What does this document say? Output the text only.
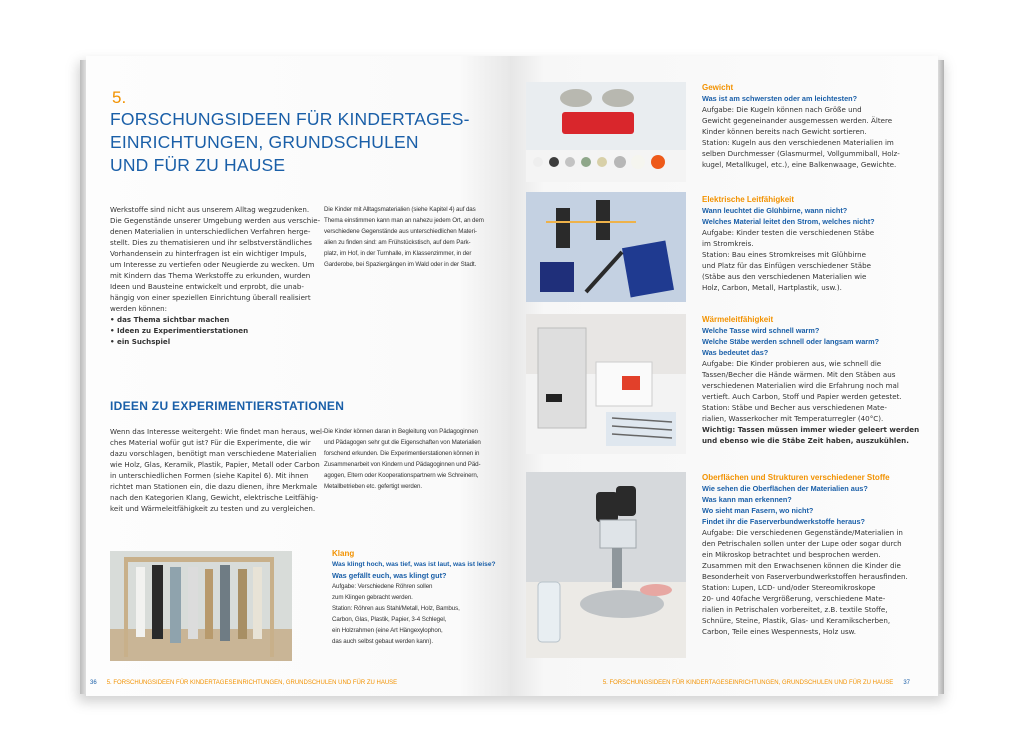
5.
FORSCHUNGSIDEEN FÜR KINDERTAGES-
EINRICHTUNGEN, GRUNDSCHULEN
UND FÜR ZU HAUSE
Werkstoffe sind nicht aus unserem Alltag wegzudenken.
Die Gegenstände unserer Umgebung werden aus verschie-
denen Materialien in unterschiedlichen Verfahren herge-
stellt. Dies zu thematisieren und ihr selbstverständliches
Vorhandensein zu hinterfragen ist ein wichtiger Impuls,
um Interesse zu vertiefen oder Neugierde zu wecken. Um
mit Kindern das Thema Werkstoffe zu erkunden, wurden
Ideen und Bausteine entwickelt und erprobt, die unab-
hängig von einer speziellen Einrichtung überall realisiert
werden können:
• das Thema sichtbar machen
• Ideen zu Experimentierstationen
• ein Suchspiel
Die Kinder mit Alltagsmaterialien (siehe Kapitel 4) auf das
Thema einstimmen kann man an nahezu jedem Ort, an dem
verschiedene Gegenstände aus unterschiedlichen Materi-
alien zu finden sind: am Frühstückstisch, auf dem Park-
platz, im Hof, in der Turnhalle, im Klassenzimmer, in der
Garderobe, bei Spaziergängen im Wald oder in der Stadt.
IDEEN ZU EXPERIMENTIERSTATIONEN
Wenn das Interesse weitergeht: Wie findet man heraus, wel-
ches Material wofür gut ist? Für die Experimente, die wir
dazu vorschlagen, benötigt man verschiedene Materialien
wie Holz, Glas, Keramik, Plastik, Papier, Metall oder Carbon
in unterschiedlichen Formen (siehe Kapitel 6). Mit ihnen
richtet man Stationen ein, die dazu dienen, ihre Merkmale
nach den Kategorien Klang, Gewicht, elektrische Leitfähig-
keit und Wärmeleitfähigkeit zu testen und zu vergleichen.
Die Kinder können daran in Begleitung von Pädagoginnen
und Pädagogen sehr gut die Eigenschaften von Materialien
forschend erkunden. Die Experimentierstationen können in
Zusammenarbeit von Kindern und Pädagoginnen und Päd-
agogen, Eltern oder Kooperationspartnern wie Schreinern,
Metallbetrieben etc. gefertigt werden.
Klang
Was klingt hoch, was tief, was ist laut, was ist leise?
Was gefällt euch, was klingt gut?
Aufgabe: Verschiedene Röhren sollen
zum Klingen gebracht werden.
Station: Röhren aus Stahl/Metall, Holz, Bambus,
Carbon, Glas, Plastik, Papier, 3-4 Schlegel,
ein Holzrahmen (eine Art Hängexylophon,
das auch selbst gebaut werden kann).
36 5. FORSCHUNGSIDEEN FÜR KINDERTAGESEINRICHTUNGEN, GRUNDSCHULEN UND FÜR ZU HAUSE
Gewicht
Was ist am schwersten oder am leichtesten?
Aufgabe: Die Kugeln können nach Größe und
Gewicht gegeneinander ausgemessen werden. Ältere
Kinder können bereits nach Gewicht sortieren.
Station: Kugeln aus den verschiedenen Materialien im
selben Durchmesser (Glasmurmel, Vollgummiball, Holz-
kugel, Metallkugel, etc.), eine Balkenwaage, Gewichte.
Elektrische Leitfähigkeit
Wann leuchtet die Glühbirne, wann nicht?
Welches Material leitet den Strom, welches nicht?
Aufgabe: Kinder testen die verschiedenen Stäbe
im Stromkreis.
Station: Bau eines Stromkreises mit Glühbirne
und Platz für das Einfügen verschiedener Stäbe
(Stäbe aus den verschiedenen Materialien wie
Holz, Carbon, Metall, Hartplastik, usw.).
Wärmeleitfähigkeit
Welche Tasse wird schnell warm?
Welche Stäbe werden schnell oder langsam warm?
Was bedeutet das?
Aufgabe: Die Kinder probieren aus, wie schnell die
Tassen/Becher die Hände wärmen. Mit den Stäben aus
verschiedenen Materialien wird die Erfahrung noch mal
vertieft. Auch Carbon, Stoff und Papier werden getestet.
Station: Stäbe und Becher aus verschiedenen Mate-
rialien, Wasserkocher mit Temperaturregler (40°C).
Wichtig: Tassen müssen immer wieder geleert werden
und ebenso wie die Stäbe Zeit haben, auszukühlen.
Oberflächen und Strukturen verschiedener Stoffe
Wie sehen die Oberflächen der Materialien aus?
Was kann man erkennen?
Wo sieht man Fasern, wo nicht?
Findet ihr die Faserverbundwerkstoffe heraus?
Aufgabe: Die verschiedenen Gegenstände/Materialien in
den Petrischalen sollen unter der Lupe oder sogar durch
ein Mikroskop betrachtet und besprochen werden.
Zusammen mit den Erwachsenen können die Kinder die
Besonderheit von Faserverbundwerkstoffen herausfinden.
Station: Lupen, LCD- und/oder Stereomikroskope
20- und 40fache Vergrößerung, verschiedene Mate-
rialien in Petrischalen vorbereitet, z.B. textile Stoffe,
Schnüre, Steine, Plastik, Glas- und Keramikscherben,
Carbon, Teile eines Wespennests, Holz usw.
5. FORSCHUNGSIDEEN FÜR KINDERTAGESEINRICHTUNGEN, GRUNDSCHULEN UND FÜR ZU HAUSE 37
